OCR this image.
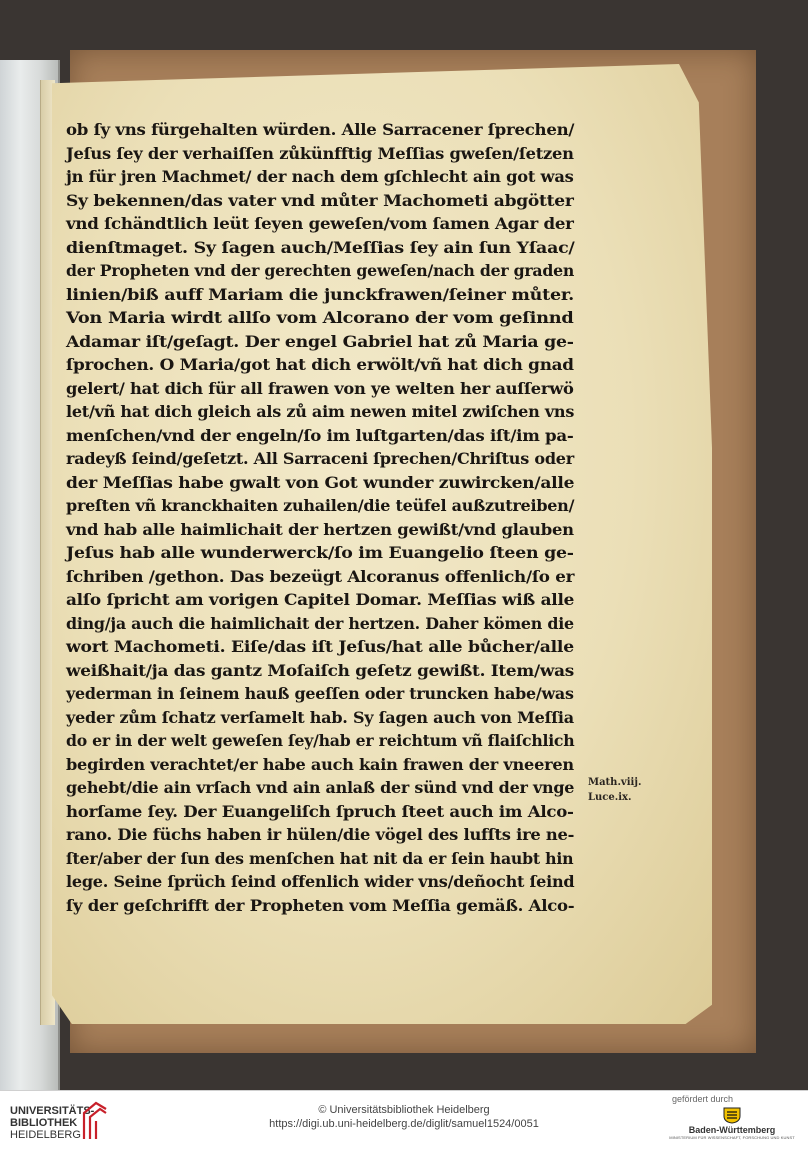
ob ſy vns fürgehalten würden. Alle Sarracener ſprechen/
Jeſus ſey der verhaiſſen zůkünfftig Meſſias gweſen/ſetzen
jn für jren Machmet/ der nach dem gſchlecht ain got was
Sy bekennen/das vater vnd můter Machometi abgötter
vnd ſchändtlich leüt ſeyen geweſen/vom ſamen Agar der
dienſtmaget. Sy ſagen auch/Meſſias ſey ain ſun Yſaac/
der Propheten vnd der gerechten geweſen/nach der graden
linien/biß auff Mariam die junckfrawen/ſeiner můter.
Von Maria wirdt allſo vom Alcorano der vom geſinnd
Adamar iſt/geſagt. Der engel Gabriel hat zů Maria ge-
ſprochen. O Maria/got hat dich erwölt/vñ hat dich gnad
gelert/ hat dich für all frawen von ye welten her auſſerwö
let/vñ hat dich gleich als zů aim newen mitel zwiſchen vns
menſchen/vnd der engeln/ſo im luſtgarten/das iſt/im pa-
radeyß ſeind/geſetzt. All Sarraceni ſprechen/Chriſtus oder
der Meſſias habe gwalt von Got wunder zuwircken/alle
preſten vñ kranckhaiten zuhailen/die teüfel außzutreiben/
vnd hab alle haimlichait der hertzen gewißt/vnd glauben
Jeſus hab alle wunderwerck/ſo im Euangelio ſteen ge-
ſchriben /gethon. Das bezeügt Alcoranus offenlich/ſo er
alſo ſpricht am vorigen Capitel Domar. Meſſias wiß alle
ding/ja auch die haimlichait der hertzen. Daher kömen die
wort Machometi. Eiſe/das iſt Jeſus/hat alle bůcher/alle
weißhait/ja das gantz Moſaiſch geſetz gewißt. Item/was
yederman in ſeinem hauß geeſſen oder truncken habe/was
yeder zům ſchatz verſamelt hab. Sy ſagen auch von Meſſia
do er in der welt geweſen ſey/hab er reichtum vñ flaiſchlich
begirden verachtet/er habe auch kain frawen der vneeren
gehebt/die ain vrſach vnd ain anlaß der sünd vnd der vnge
horſame ſey. Der Euangeliſch ſpruch ſteet auch im Alco-
rano. Die füchs haben ir hülen/die vögel des lufſts ire ne-
ſter/aber der ſun des menſchen hat nit da er ſein haubt hin
lege. Seine ſprüch ſeind offenlich wider vns/deñocht ſeind
ſy der geſchrifft der Propheten vom Meſſia gemäß. Alco-
Math.viij.
Luce.ix.
UNIVERSITÄTS-
BIBLIOTHEK
HEIDELBERG
© Universitätsbibliothek Heidelberg
https://digi.ub.uni-heidelberg.de/diglit/samuel1524/0051
gefördert durch
Baden-Württemberg
MINISTERIUM FÜR WISSENSCHAFT, FORSCHUNG UND KUNST
